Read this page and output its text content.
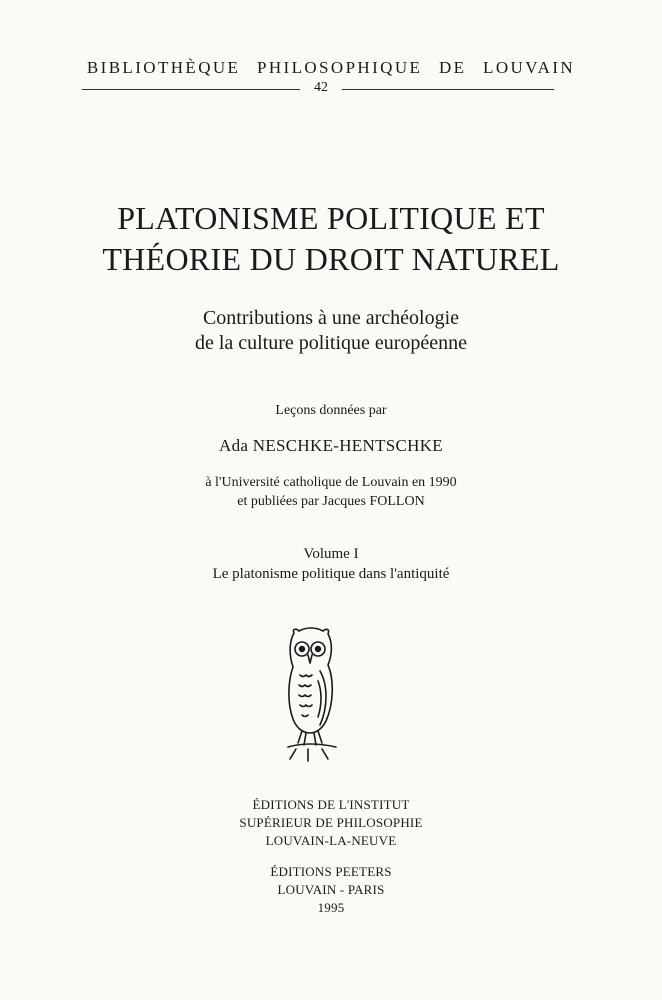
BIBLIOTHÈQUE PHILOSOPHIQUE DE LOUVAIN
42
PLATONISME POLITIQUE ET
THÉORIE DU DROIT NATUREL
Contributions à une archéologie
de la culture politique européenne
Leçons données par
Ada NESCHKE-HENTSCHKE
à l'Université catholique de Louvain en 1990
et publiées par Jacques FOLLON
Volume I
Le platonisme politique dans l'antiquité
ÉDITIONS DE L'INSTITUT
SUPÉRIEUR DE PHILOSOPHIE
LOUVAIN-LA-NEUVE
ÉDITIONS PEETERS
LOUVAIN - PARIS
1995
